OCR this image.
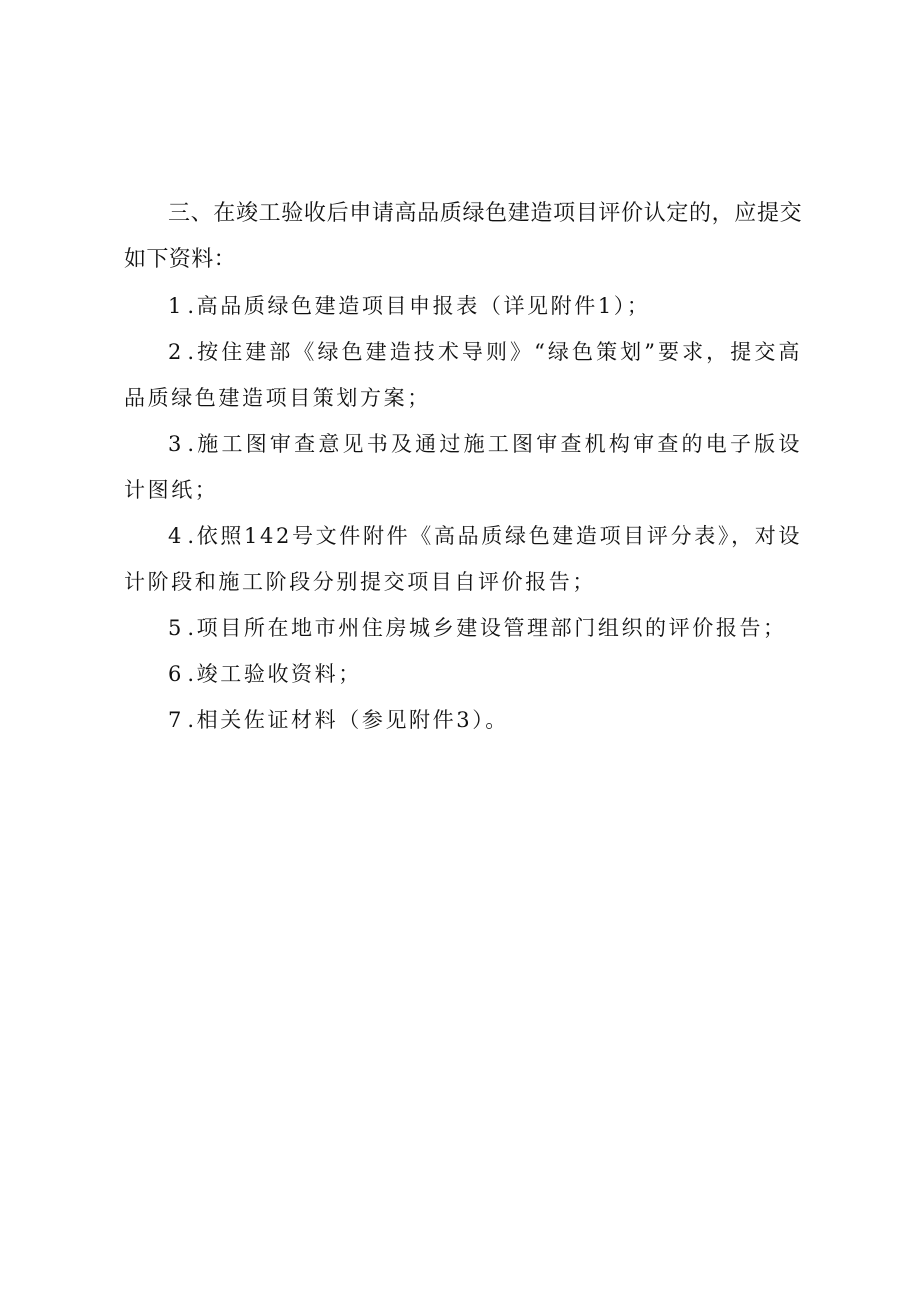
三、在竣工验收后申请高品质绿色建造项目评价认定的，应提交如下资料：

1 .高品质绿色建造项目申报表（详见附件1）；

2 .按住建部《绿色建造技术导则》“绿色策划”要求，提交高品质绿色建造项目策划方案；

3 .施工图审查意见书及通过施工图审查机构审查的电子版设计图纸；

4 .依照142号文件附件《高品质绿色建造项目评分表》，对设计阶段和施工阶段分别提交项目自评价报告；

5 .项目所在地市州住房城乡建设管理部门组织的评价报告；

6 .竣工验收资料；

7 .相关佐证材料（参见附件3）。
